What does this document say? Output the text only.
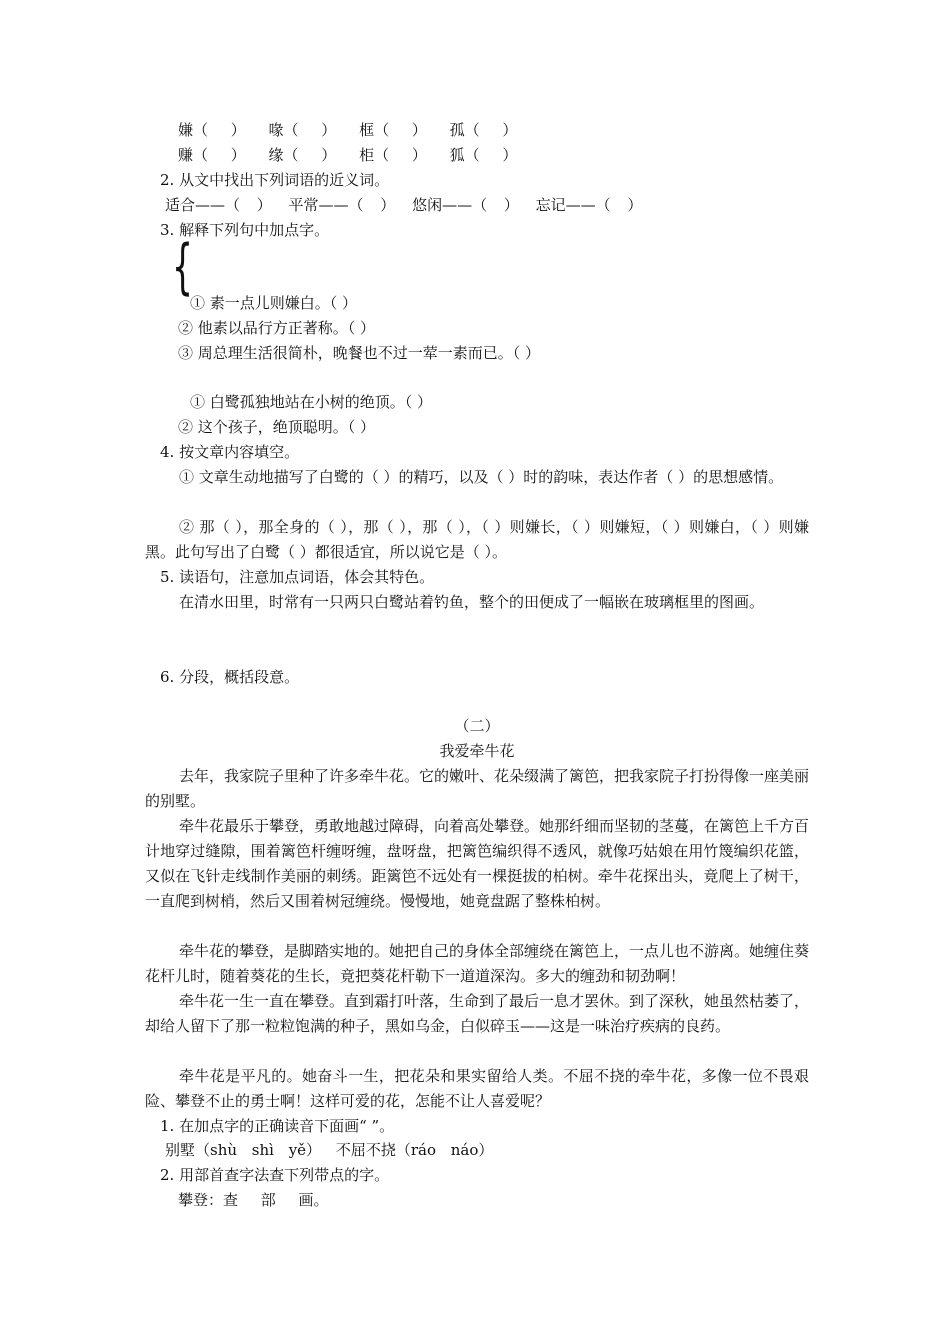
嫌（ ） 喙（ ） 框（ ） 孤（ ）
赚（ ） 缘（ ） 柜（ ） 狐（ ）
2. 从文中找出下列词语的近义词。
适合——（ ） 平常——（ ） 悠闲——（ ） 忘记——（ ）
3. 解释下列句中加点字。
{
① 素一点儿则嫌白。（ ）
② 他素以品行方正著称。（ ）
③ 周总理生活很简朴，晚餐也不过一荤一素而已。（ ）
① 白鹭孤独地站在小树的绝顶。（ ）
② 这个孩子，绝顶聪明。（ ）
4. 按文章内容填空。
① 文章生动地描写了白鹭的（ ）的精巧，以及（ ）时的韵味，表达作者（ ）的思想感情。
② 那（ ），那全身的（ ），那（ ），那（ ），（ ）则嫌长，（ ）则嫌短，（ ）则嫌白，（ ）则嫌黑。此句写出了白鹭（ ）都很适宜，所以说它是（ ）。
5. 读语句，注意加点词语，体会其特色。
在清水田里，时常有一只两只白鹭站着钓鱼，整个的田便成了一幅嵌在玻璃框里的图画。
6. 分段，概括段意。
（二）
我爱牵牛花
去年，我家院子里种了许多牵牛花。它的嫩叶、花朵缀满了篱笆，把我家院子打扮得像一座美丽的别墅。
牵牛花最乐于攀登，勇敢地越过障碍，向着高处攀登。她那纤细而坚韧的茎蔓，在篱笆上千方百计地穿过缝隙，围着篱笆杆缠呀缠，盘呀盘，把篱笆编织得不透风，就像巧姑娘在用竹篾编织花篮，又似在飞针走线制作美丽的刺绣。距篱笆不远处有一棵挺拔的柏树。牵牛花探出头，竟爬上了树干，一直爬到树梢，然后又围着树冠缠绕。慢慢地，她竟盘踞了整株柏树。
牵牛花的攀登，是脚踏实地的。她把自己的身体全部缠绕在篱笆上，一点儿也不游离。她缠住葵花杆儿时，随着葵花的生长，竟把葵花杆勒下一道道深沟。多大的缠劲和韧劲啊！
牵牛花一生一直在攀登。直到霜打叶落，生命到了最后一息才罢休。到了深秋，她虽然枯萎了，却给人留下了那一粒粒饱满的种子，黑如乌金，白似碎玉——这是一味治疗疾病的良药。
牵牛花是平凡的。她奋斗一生，把花朵和果实留给人类。不屈不挠的牵牛花，多像一位不畏艰险、攀登不止的勇士啊！这样可爱的花，怎能不让人喜爱呢？
1. 在加点字的正确读音下面画“ ”。
别墅（shù shì yě） 不屈不挠（ráo náo）
2. 用部首查字法查下列带点的字。
攀登：查 部 画。
